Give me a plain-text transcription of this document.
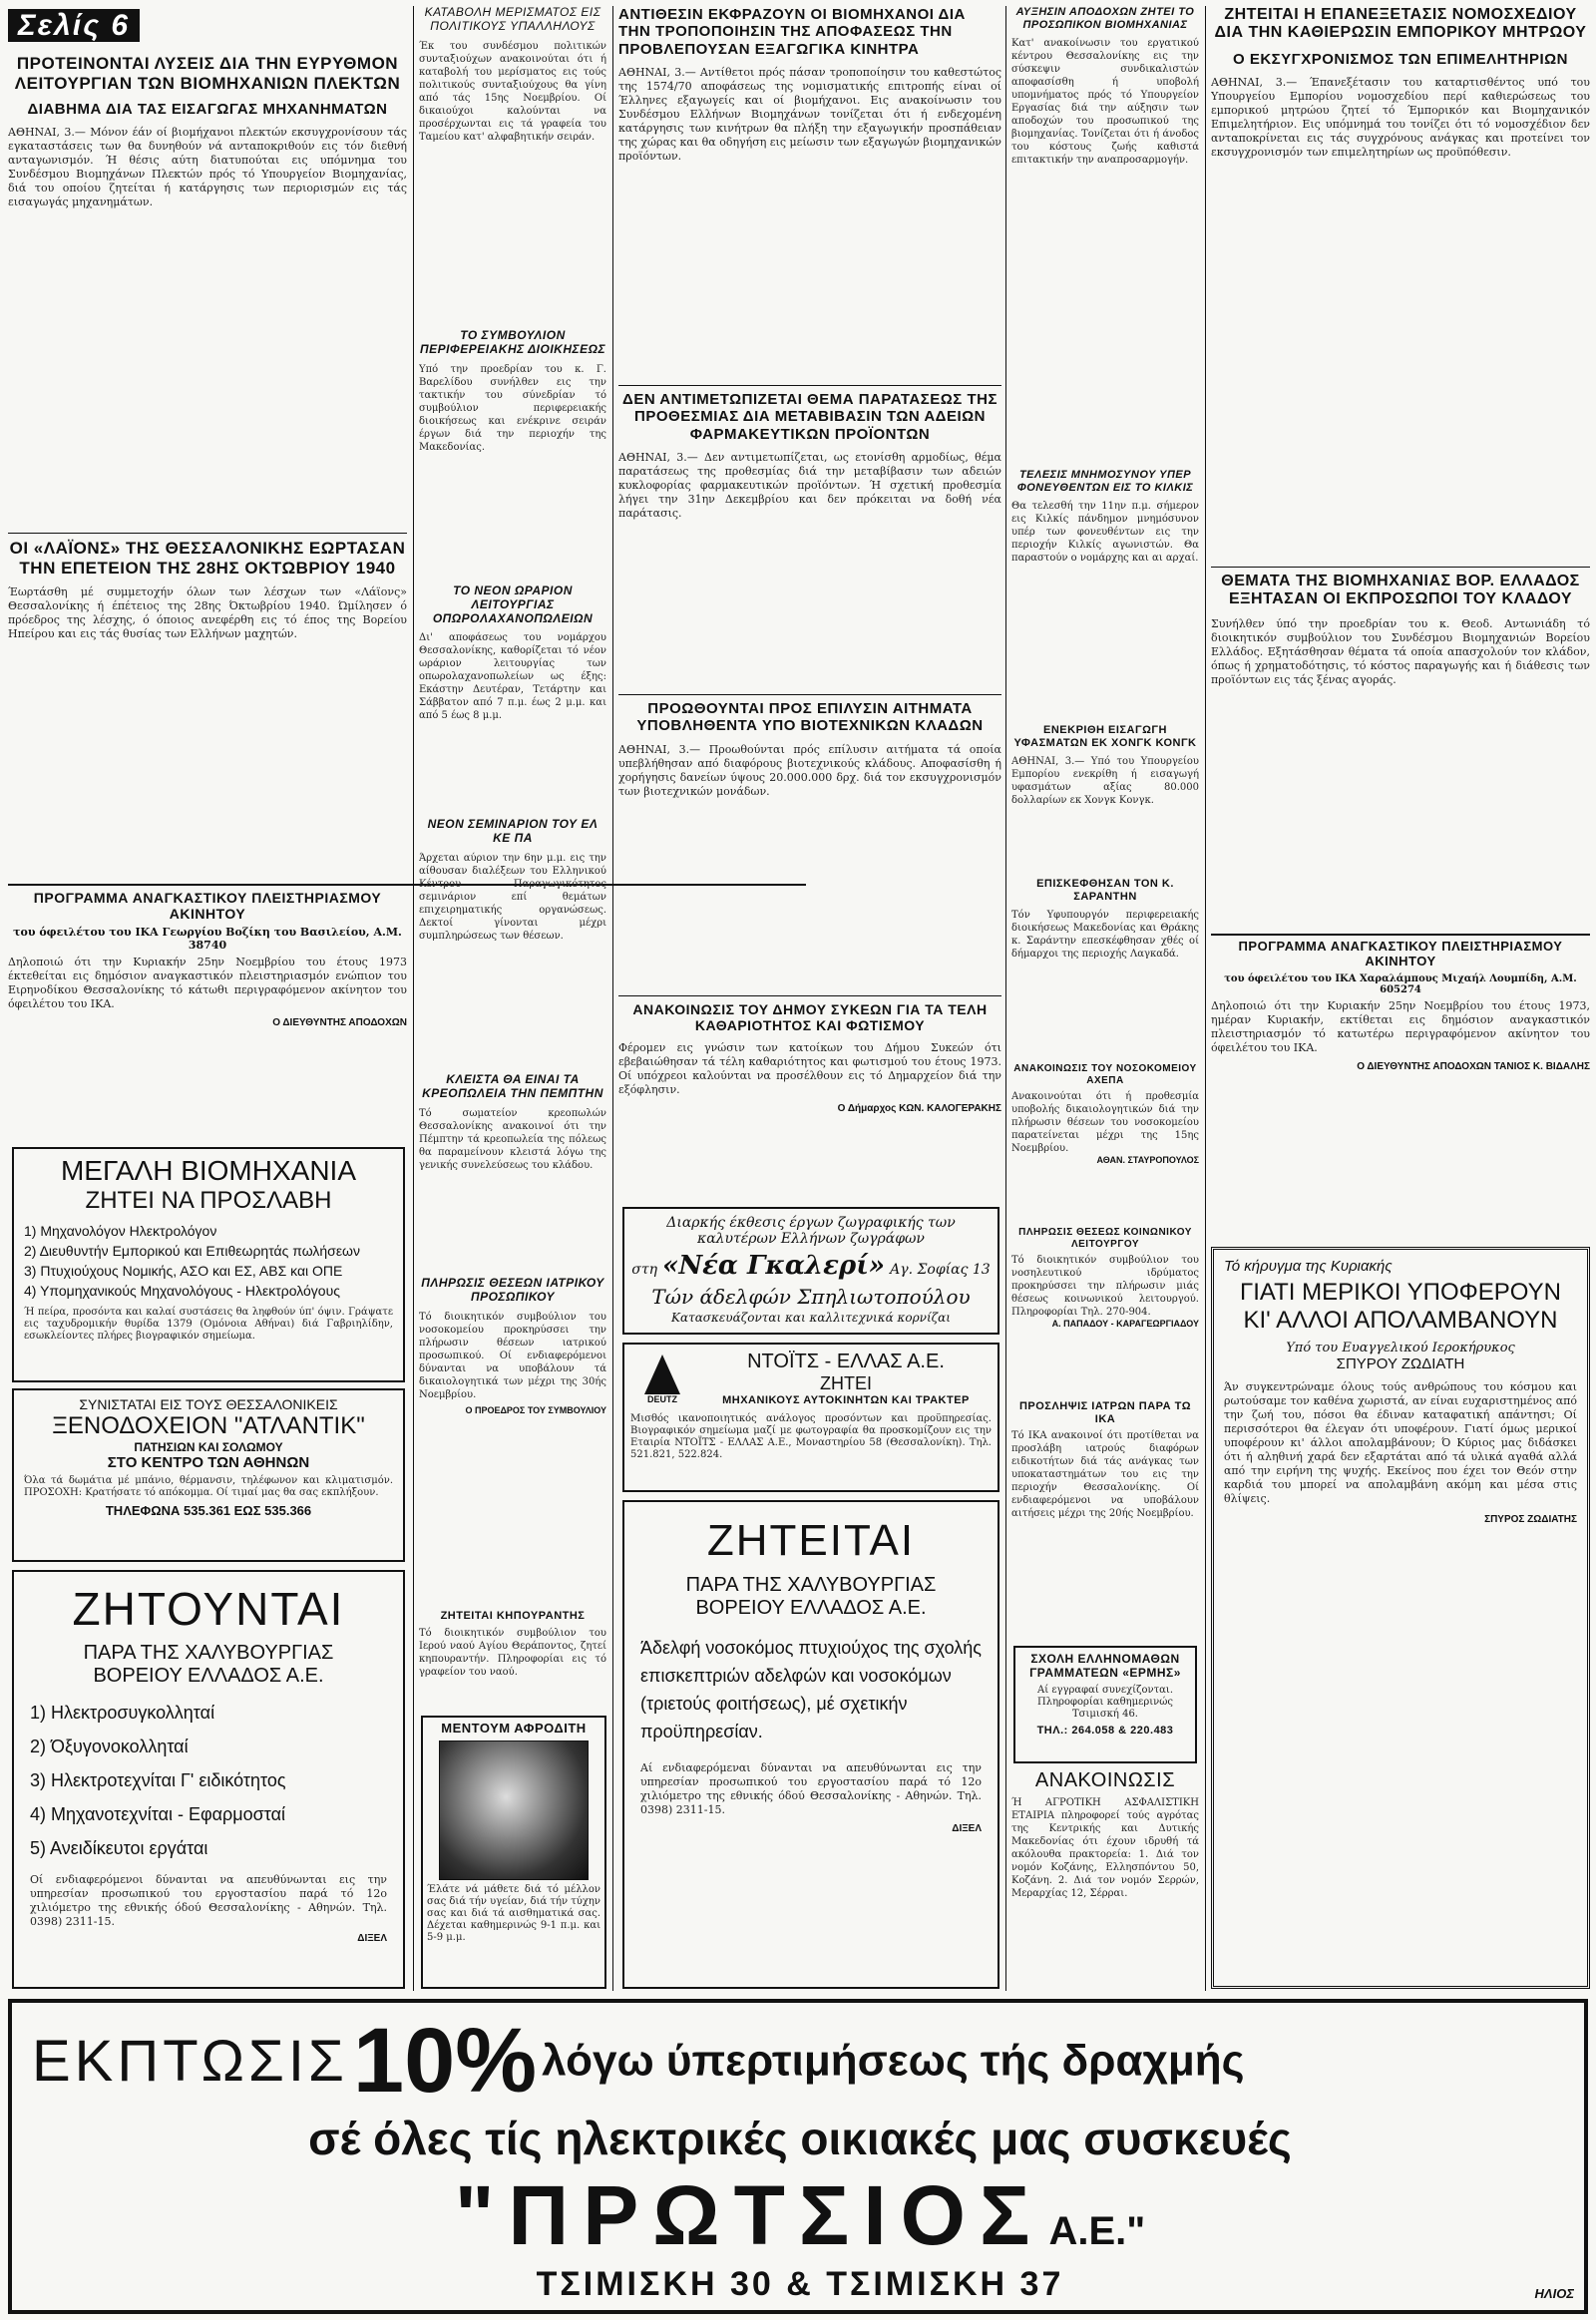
Σελίς 6
ΠΡΟΤΕΙΝΟΝΤΑΙ ΛΥΣΕΙΣ ΔΙΑ ΤΗΝ ΕΥΡΥΘΜΟΝ ΛΕΙΤΟΥΡΓΙΑΝ ΤΩΝ ΒΙΟΜΗΧΑΝΙΩΝ ΠΛΕΚΤΩΝ
ΔΙΑΒΗΜΑ ΔΙΑ ΤΑΣ ΕΙΣΑΓΩΓΑΣ ΜΗΧΑΝΗΜΑΤΩΝ
ΑΘΗΝΑΙ, 3.— Μόνον έάν οί βιομήχανοι πλεκτών εκσυγχρονίσουν τάς εγκαταστάσεις των θα δυνηθούν νά ανταποκριθούν εις τόν διεθνή ανταγωνισμόν. Ή θέσις αύτη διατυπούται εις υπόμνημα του Συνδέσμου Βιομηχάνων Πλεκτών πρός τό Υπουργείον Βιομηχανίας, διά του οποίου ζητείται ή κατάργησις των περιορισμών εις τάς εισαγωγάς μηχανημάτων.
ΟΙ «ΛΑΪΟΝΣ» ΤΗΣ ΘΕΣΣΑΛΟΝΙΚΗΣ ΕΩΡΤΑΣΑΝ ΤΗΝ ΕΠΕΤΕΙΟΝ ΤΗΣ 28ΗΣ ΟΚΤΩΒΡΙΟΥ 1940
Έωρτάσθη μέ συμμετοχήν όλων των λέσχων των «Λάϊονς» Θεσσαλονίκης ή έπέτειος της 28ης Όκτωβρίου 1940. Ώμίλησεν ό πρόεδρος της λέσχης, ό όποιος ανεφέρθη εις τό έπος της Βορείου Ηπείρου και εις τάς θυσίας των Ελλήνων μαχητών.
ΠΡΟΓΡΑΜΜΑ ΑΝΑΓΚΑΣΤΙΚΟΥ ΠΛΕΙΣΤΗΡΙΑΣΜΟΥ ΑΚΙΝΗΤΟΥ
του όφειλέτου του ΙΚΑ Γεωργίου Βοζίκη του Βασιλείου, Α.Μ. 38740
Δηλοποιώ ότι την Κυριακήν 25ην Νοεμβρίου του έτους 1973 έκτεθείται εις δημόσιον αναγκαστικόν πλειστηριασμόν ενώπιον του Ειρηνοδίκου Θεσσαλονίκης τό κάτωθι περιγραφόμενον ακίνητον του όφειλέτου του ΙΚΑ.
Ο ΔΙΕΥΘΥΝΤΗΣ ΑΠΟΔΟΧΩΝ
ΜΕΓΑΛΗ ΒΙΟΜΗΧΑΝΙΑ
ΖΗΤΕΙ ΝΑ ΠΡΟΣΛΑΒΗ
1) Μηχανολόγον Ηλεκτρολόγον
2) Διευθυντήν Εμπορικού και Επιθεωρητάς πωλήσεων
3) Πτυχιούχους Νομικής, ΑΣΟ και ΕΣ, ΑΒΣ και ΟΠΕ
4) Υπομηχανικούς Μηχανολόγους - Ηλεκτρολόγους
Ή πείρα, προσόντα και καλαί συστάσεις θα ληφθούν ύπ' όψιν. Γράψατε εις ταχυδρομικήν θυρίδα 1379 (Ομόνοια Αθήναι) διά Γαβριηλίδην, εσωκλείοντες πλήρες βιογραφικόν σημείωμα.
ΣΥΝΙΣΤΑΤΑΙ ΕΙΣ ΤΟΥΣ ΘΕΣΣΑΛΟΝΙΚΕΙΣ
ΞΕΝΟΔΟΧΕΙΟΝ "ΑΤΛΑΝΤΙΚ"
ΠΑΤΗΣΙΩΝ ΚΑΙ ΣΟΛΩΜΟΥ
ΣΤΟ ΚΕΝΤΡΟ ΤΩΝ ΑΘΗΝΩΝ
Όλα τά δωμάτια μέ μπάνιο, θέρμανσιν, τηλέφωνον και κλιματισμόν. ΠΡΟΣΟΧΗ: Κρατήσατε τό απόκομμα. Οί τιμαί μας θα σας εκπλήξουν.
ΤΗΛΕΦΩΝΑ 535.361 ΕΩΣ 535.366
ΖΗΤΟΥΝΤΑΙ
ΠΑΡΑ ΤΗΣ ΧΑΛΥΒΟΥΡΓΙΑΣ
ΒΟΡΕΙΟΥ ΕΛΛΑΔΟΣ Α.Ε.
1) Ηλεκτροσυγκολληταί
2) Όξυγονοκολληταί
3) Ηλεκτροτεχνίται Γ' ειδικότητος
4) Μηχανοτεχνίται - Εφαρμοσταί
5) Ανειδίκευτοι εργάται
Οί ενδιαφερόμενοι δύνανται να απευθύνωνται εις την υπηρεσίαν προσωπικού του εργοστασίου παρά τό 12ο χιλιόμετρο της εθνικής όδού Θεσσαλονίκης - Αθηνών. Τηλ. 0398) 2311-15.
ΔΙΞΕΛ
ΚΑΤΑΒΟΛΗ ΜΕΡΙΣΜΑΤΟΣ ΕΙΣ ΠΟΛΙΤΙΚΟΥΣ ΥΠΑΛΛΗΛΟΥΣ
Έκ του συνδέσμου πολιτικών συνταξιούχων ανακοινούται ότι ή καταβολή του μερίσματος εις τούς πολιτικούς συνταξιούχους θα γίνη από τάς 15ης Νοεμβρίου. Οί δικαιούχοι καλούνται να προσέρχωνται εις τά γραφεία του Ταμείου κατ' αλφαβητικήν σειράν.
ΤΟ ΣΥΜΒΟΥΛΙΟΝ ΠΕΡΙΦΕΡΕΙΑΚΗΣ ΔΙΟΙΚΗΣΕΩΣ
Υπό την προεδρίαν του κ. Γ. Βαρελίδου συνήλθεν εις την τακτικήν του σύνεδρίαν τό συμβούλιον περιφερειακής διοικήσεως και ενέκρινε σειράν έργων διά την περιοχήν της Μακεδονίας.
ΤΟ ΝΕΟΝ ΩΡΑΡΙΟΝ ΛΕΙΤΟΥΡΓΙΑΣ ΟΠΩΡΟΛΑΧΑΝΟΠΩΛΕΙΩΝ
Δι' αποφάσεως του νομάρχου Θεσσαλονίκης, καθορίζεται τό νέον ωράριον λειτουργίας των οπωρολαχανοπωλείων ως έξης: Εκάστην Δευτέραν, Τετάρτην και Σάββατον από 7 π.μ. έως 2 μ.μ. και από 5 έως 8 μ.μ.
ΝΕΟΝ ΣΕΜΙΝΑΡΙΟΝ ΤΟΥ ΕΛ ΚΕ ΠΑ
Άρχεται αύριον την 6ην μ.μ. εις την αίθουσαν διαλέξεων του Ελληνικού Κέντρου Παραγωγικότητος σεμινάριον επί θεμάτων επιχειρηματικής οργανώσεως. Δεκτοί γίνονται μέχρι συμπληρώσεως των θέσεων.
ΚΛΕΙΣΤΑ ΘΑ ΕΙΝΑΙ ΤΑ ΚΡΕΟΠΩΛΕΙΑ ΤΗΝ ΠΕΜΠΤΗΝ
Τό σωματείον κρεοπωλών Θεσσαλονίκης ανακοινοί ότι την Πέμπτην τά κρεοπωλεία της πόλεως θα παραμείνουν κλειστά λόγω της γενικής συνελεύσεως του κλάδου.
ΠΛΗΡΩΣΙΣ ΘΕΣΕΩΝ ΙΑΤΡΙΚΟΥ ΠΡΟΣΩΠΙΚΟΥ
Τό διοικητικόν συμβούλιον του νοσοκομείου προκηρύσσει την πλήρωσιν θέσεων ιατρικού προσωπικού. Οί ενδιαφερόμενοι δύνανται να υποβάλουν τά δικαιολογητικά των μέχρι της 30ής Νοεμβρίου.
Ο ΠΡΟΕΔΡΟΣ ΤΟΥ ΣΥΜΒΟΥΛΙΟΥ
ΖΗΤΕΙΤΑΙ ΚΗΠΟΥΡΑΝΤΗΣ
Τό διοικητικόν συμβούλιον του Ιερού ναού Αγίου Θεράποντος, ζητεί κηπουραντήν. Πληροφορίαι εις τό γραφείον του ναού.
ΜΕΝΤΟΥΜ ΑΦΡΟΔΙΤΗ
Έλάτε νά μάθετε διά τό μέλλον σας διά τήν υγείαν, διά τήν τύχην σας και διά τά αισθηματικά σας. Δέχεται καθημερινώς 9-1 π.μ. και 5-9 μ.μ.
ΑΝΤΙΘΕΣΙΝ ΕΚΦΡΑΖΟΥΝ ΟΙ ΒΙΟΜΗΧΑΝΟΙ ΔΙΑ ΤΗΝ ΤΡΟΠΟΠΟΙΗΣΙΝ ΤΗΣ ΑΠΟΦΑΣΕΩΣ ΤΗΝ ΠΡΟΒΛΕΠΟΥΣΑΝ ΕΞΑΓΩΓΙΚΑ ΚΙΝΗΤΡΑ
ΑΘΗΝΑΙ, 3.— Αντίθετοι πρός πάσαν τροποποίησιν του καθεστώτος της 1574/70 αποφάσεως της νομισματικής επιτροπής είναι οί Έλληνες εξαγωγείς και οί βιομήχανοι. Εις ανακοίνωσιν του Συνδέσμου Ελλήνων Βιομηχάνων τονίζεται ότι ή ενδεχομένη κατάργησις των κινήτρων θα πλήξη την εξαγωγικήν προσπάθειαν της χώρας και θα οδηγήση εις μείωσιν των εξαγωγών βιομηχανικών προϊόντων.
ΔΕΝ ΑΝΤΙΜΕΤΩΠΙΖΕΤΑΙ ΘΕΜΑ ΠΑΡΑΤΑΣΕΩΣ ΤΗΣ ΠΡΟΘΕΣΜΙΑΣ ΔΙΑ ΜΕΤΑΒΙΒΑΣΙΝ ΤΩΝ ΑΔΕΙΩΝ ΦΑΡΜΑΚΕΥΤΙΚΩΝ ΠΡΟΪΟΝΤΩΝ
ΑΘΗΝΑΙ, 3.— Δεν αντιμετωπίζεται, ως ετονίσθη αρμοδίως, θέμα παρατάσεως της προθεσμίας διά την μεταβίβασιν των αδειών κυκλοφορίας φαρμακευτικών προϊόντων. Ή σχετική προθεσμία λήγει την 31ην Δεκεμβρίου και δεν πρόκειται να δοθή νέα παράτασις.
ΠΡΟΩΘΟΥΝΤΑΙ ΠΡΟΣ ΕΠΙΛΥΣΙΝ ΑΙΤΗΜΑΤΑ ΥΠΟΒΛΗΘΕΝΤΑ ΥΠΟ ΒΙΟΤΕΧΝΙΚΩΝ ΚΛΑΔΩΝ
ΑΘΗΝΑΙ, 3.— Προωθούνται πρός επίλυσιν αιτήματα τά οποία υπεβλήθησαν από διαφόρους βιοτεχνικούς κλάδους. Αποφασίσθη ή χορήγησις δανείων ύψους 20.000.000 δρχ. διά τον εκσυγχρονισμόν των βιοτεχνικών μονάδων.
ΑΝΑΚΟΙΝΩΣΙΣ ΤΟΥ ΔΗΜΟΥ ΣΥΚΕΩΝ ΓΙΑ ΤΑ ΤΕΛΗ ΚΑΘΑΡΙΟΤΗΤΟΣ ΚΑΙ ΦΩΤΙΣΜΟΥ
Φέρομεν εις γνώσιν των κατοίκων του Δήμου Συκεών ότι εβεβαιώθησαν τά τέλη καθαριότητος και φωτισμού του έτους 1973. Οί υπόχρεοι καλούνται να προσέλθουν εις τό Δημαρχείον διά την εξόφλησιν.
Ο Δήμαρχος ΚΩΝ. ΚΑΛΟΓΕΡΑΚΗΣ
Διαρκής έκθεσις έργων ζωγραφικής των καλυτέρων Ελλήνων ζωγράφων
στη «Νέα Γκαλερί» Αγ. Σοφίας 13
Τών άδελφών Σπηλιωτοπούλου
Κατασκευάζονται και καλλιτεχνικά κορνίζαι
DEUTZ
ΝΤΟΪΤΣ - ΕΛΛΑΣ Α.Ε.
ΖΗΤΕΙ
ΜΗΧΑΝΙΚΟΥΣ ΑΥΤΟΚΙΝΗΤΩΝ ΚΑΙ ΤΡΑΚΤΕΡ
Μισθός ικανοποιητικός ανάλογος προσόντων και προϋπηρεσίας. Βιογραφικόν σημείωμα μαζί με φωτογραφία θα προσκομίζουν εις την Εταιρία ΝΤΟΪΤΣ - ΕΛΛΑΣ Α.Ε., Μοναστηρίου 58 (Θεσσαλονίκη). Τηλ. 521.821, 522.824.
ΖΗΤΕΙΤΑΙ
ΠΑΡΑ ΤΗΣ ΧΑΛΥΒΟΥΡΓΙΑΣ
ΒΟΡΕΙΟΥ ΕΛΛΑΔΟΣ Α.Ε.
Άδελφή νοσοκόμος πτυχιούχος της σχολής επισκεπτριών αδελφών και νοσοκόμων (τριετούς φοιτήσεως), μέ σχετικήν προϋπηρεσίαν.
Αί ενδιαφερόμεναι δύνανται να απευθύνωνται εις την υπηρεσίαν προσωπικού του εργοστασίου παρά τό 12ο χιλιόμετρο της εθνικής όδού Θεσσαλονίκης - Αθηνών. Τηλ. 0398) 2311-15.
ΔΙΞΕΛ
ΑΥΞΗΣΙΝ ΑΠΟΔΟΧΩΝ ΖΗΤΕΙ ΤΟ ΠΡΟΣΩΠΙΚΟΝ ΒΙΟΜΗΧΑΝΙΑΣ
Κατ' ανακοίνωσιν του εργατικού κέντρου Θεσσαλονίκης εις την σύσκεψιν συνδικαλιστών αποφασίσθη ή υποβολή υπομνήματος πρός τό Υπουργείον Εργασίας διά την αύξησιν των αποδοχών του προσωπικού της βιομηχανίας. Τονίζεται ότι ή άνοδος του κόστους ζωής καθιστά επιτακτικήν την αναπροσαρμογήν.
ΤΕΛΕΣΙΣ ΜΝΗΜΟΣΥΝΟΥ ΥΠΕΡ ΦΟΝΕΥΘΕΝΤΩΝ ΕΙΣ ΤΟ ΚΙΛΚΙΣ
Θα τελεσθή την 11ην π.μ. σήμερον εις Κιλκίς πάνδημον μνημόσυνον υπέρ των φονευθέντων εις την περιοχήν Κιλκίς αγωνιστών. Θα παραστούν ο νομάρχης και αι αρχαί.
ΕΝΕΚΡΙΘΗ ΕΙΣΑΓΩΓΗ ΥΦΑΣΜΑΤΩΝ ΕΚ ΧΟΝΓΚ ΚΟΝΓΚ
ΑΘΗΝΑΙ, 3.— Υπό του Υπουργείου Εμπορίου ενεκρίθη ή εισαγωγή υφασμάτων αξίας 80.000 δολλαρίων εκ Χονγκ Κονγκ.
ΕΠΙΣΚΕΦΘΗΣΑΝ ΤΟΝ Κ. ΣΑΡΑΝΤΗΝ
Τόν Υφυπουργόν περιφερειακής διοικήσεως Μακεδονίας και Θράκης κ. Σαράντην επεσκέφθησαν χθές οί δήμαρχοι της περιοχής Λαγκαδά.
ΑΝΑΚΟΙΝΩΣΙΣ ΤΟΥ ΝΟΣΟΚΟΜΕΙΟΥ ΑΧΕΠΑ
Ανακοινούται ότι ή προθεσμία υποβολής δικαιολογητικών διά την πλήρωσιν θέσεων του νοσοκομείου παρατείνεται μέχρι της 15ης Νοεμβρίου.
ΑΘΑΝ. ΣΤΑΥΡΟΠΟΥΛΟΣ
ΠΛΗΡΩΣΙΣ ΘΕΣΕΩΣ ΚΟΙΝΩΝΙΚΟΥ ΛΕΙΤΟΥΡΓΟΥ
Τό διοικητικόν συμβούλιον του νοσηλευτικού ιδρύματος προκηρύσσει την πλήρωσιν μιάς θέσεως κοινωνικού λειτουργού. Πληροφορίαι Τηλ. 270-904.
Α. ΠΑΠΑΔΟΥ - ΚΑΡΑΓΕΩΡΓΙΑΔΟΥ
ΠΡΟΣΛΗΨΙΣ ΙΑΤΡΩΝ ΠΑΡΑ ΤΩ ΙΚΑ
Τό ΙΚΑ ανακοινοί ότι προτίθεται να προσλάβη ιατρούς διαφόρων ειδικοτήτων διά τάς ανάγκας των υποκαταστημάτων του εις την περιοχήν Θεσσαλονίκης. Οί ενδιαφερόμενοι να υποβάλουν αιτήσεις μέχρι της 20ής Νοεμβρίου.
ΣΧΟΛΗ ΕΛΛΗΝΟΜΑΘΩΝ ΓΡΑΜΜΑΤΕΩΝ «ΕΡΜΗΣ»
Αί εγγραφαί συνεχίζονται. Πληροφορίαι καθημερινώς Τσιμισκή 46.
ΤΗΛ.: 264.058 & 220.483
ΑΝΑΚΟΙΝΩΣΙΣ
Ή ΑΓΡΟΤΙΚΗ ΑΣΦΑΛΙΣΤΙΚΗ ΕΤΑΙΡΙΑ πληροφορεί τούς αγρότας της Κεντρικής και Δυτικής Μακεδονίας ότι έχουν ιδρυθή τά ακόλουθα πρακτορεία: 1. Διά τον νομόν Κοζάνης, Ελλησπόντου 50, Κοζάνη. 2. Διά τον νομόν Σερρών, Μεραρχίας 12, Σέρραι.
ΖΗΤΕΙΤΑΙ Η ΕΠΑΝΕΞΕΤΑΣΙΣ ΝΟΜΟΣΧΕΔΙΟΥ ΔΙΑ ΤΗΝ ΚΑΘΙΕΡΩΣΙΝ ΕΜΠΟΡΙΚΟΥ ΜΗΤΡΩΟΥ
Ο ΕΚΣΥΓΧΡΟΝΙΣΜΟΣ ΤΩΝ ΕΠΙΜΕΛΗΤΗΡΙΩΝ
ΑΘΗΝΑΙ, 3.— Έπανεξέτασιν του καταρτισθέντος υπό του Υπουργείου Εμπορίου νομοσχεδίου περί καθιερώσεως του εμπορικού μητρώου ζητεί τό Έμπορικόν και Βιομηχανικόν Επιμελητήριον. Εις υπόμνημά του τονίζει ότι τό νομοσχέδιον δεν ανταποκρίνεται εις τάς συγχρόνους ανάγκας και προτείνει τον εκσυγχρονισμόν των επιμελητηρίων ως προϋπόθεσιν.
ΘΕΜΑΤΑ ΤΗΣ ΒΙΟΜΗΧΑΝΙΑΣ ΒΟΡ. ΕΛΛΑΔΟΣ ΕΞΗΤΑΣΑΝ ΟΙ ΕΚΠΡΟΣΩΠΟΙ ΤΟΥ ΚΛΑΔΟΥ
Συνήλθεν ύπό την προεδρίαν του κ. Θεοδ. Αντωνιάδη τό διοικητικόν συμβούλιον του Συνδέσμου Βιομηχανιών Βορείου Ελλάδος. Εξητάσθησαν θέματα τά οποία απασχολούν τον κλάδον, όπως ή χρηματοδότησις, τό κόστος παραγωγής και ή διάθεσις των προϊόντων εις τάς ξένας αγοράς.
ΠΡΟΓΡΑΜΜΑ ΑΝΑΓΚΑΣΤΙΚΟΥ ΠΛΕΙΣΤΗΡΙΑΣΜΟΥ ΑΚΙΝΗΤΟΥ
του όφειλέτου του ΙΚΑ Χαραλάμπους Μιχαήλ Λουμπίδη, Α.Μ. 605274
Δηλοποιώ ότι την Κυριακήν 25ην Νοεμβρίου του έτους 1973, ημέραν Κυριακήν, εκτίθεται εις δημόσιον αναγκαστικόν πλειστηριασμόν τό κατωτέρω περιγραφόμενον ακίνητον του όφειλέτου του ΙΚΑ.
Ο ΔΙΕΥΘΥΝΤΗΣ ΑΠΟΔΟΧΩΝ ΤΑΝΙΟΣ Κ. ΒΙΔΑΛΗΣ
Τό κήρυγμα της Κυριακής
ΓΙΑΤΙ ΜΕΡΙΚΟΙ ΥΠΟΦΕΡΟΥΝ
ΚΙ' ΑΛΛΟΙ ΑΠΟΛΑΜΒΑΝΟΥΝ
Υπό του Ευαγγελικού Ιεροκήρυκος
ΣΠΥΡΟΥ ΖΩΔΙΑΤΗ
Άν συγκεντρώναμε όλους τούς ανθρώπους του κόσμου και ρωτούσαμε τον καθένα χωριστά, αν είναι ευχαριστημένος από την ζωή του, πόσοι θα έδιναν καταφατική απάντησι; Οί περισσότεροι θα έλεγαν ότι υποφέρουν. Γιατί όμως μερικοί υποφέρουν κι' άλλοι απολαμβάνουν; Ό Κύριος μας διδάσκει ότι ή αληθινή χαρά δεν εξαρτάται από τά υλικά αγαθά αλλά από την ειρήνη της ψυχής. Εκείνος που έχει τον Θεόν στην καρδιά του μπορεί να απολαμβάνη ακόμη και μέσα στις θλίψεις.
ΣΠΥΡΟΣ ΖΩΔΙΑΤΗΣ
ΕΚΠΤΩΣΙΣ 10% λόγω ύπερτιμήσεως τής δραχμής
σέ όλες τίς ηλεκτρικές οικιακές μας συσκευές
"ΠΡΩΤΣΙΟΣ Α.Ε."
ΤΣΙΜΙΣΚΗ 30 & ΤΣΙΜΙΣΚΗ 37	ΗΛΙΟΣ
